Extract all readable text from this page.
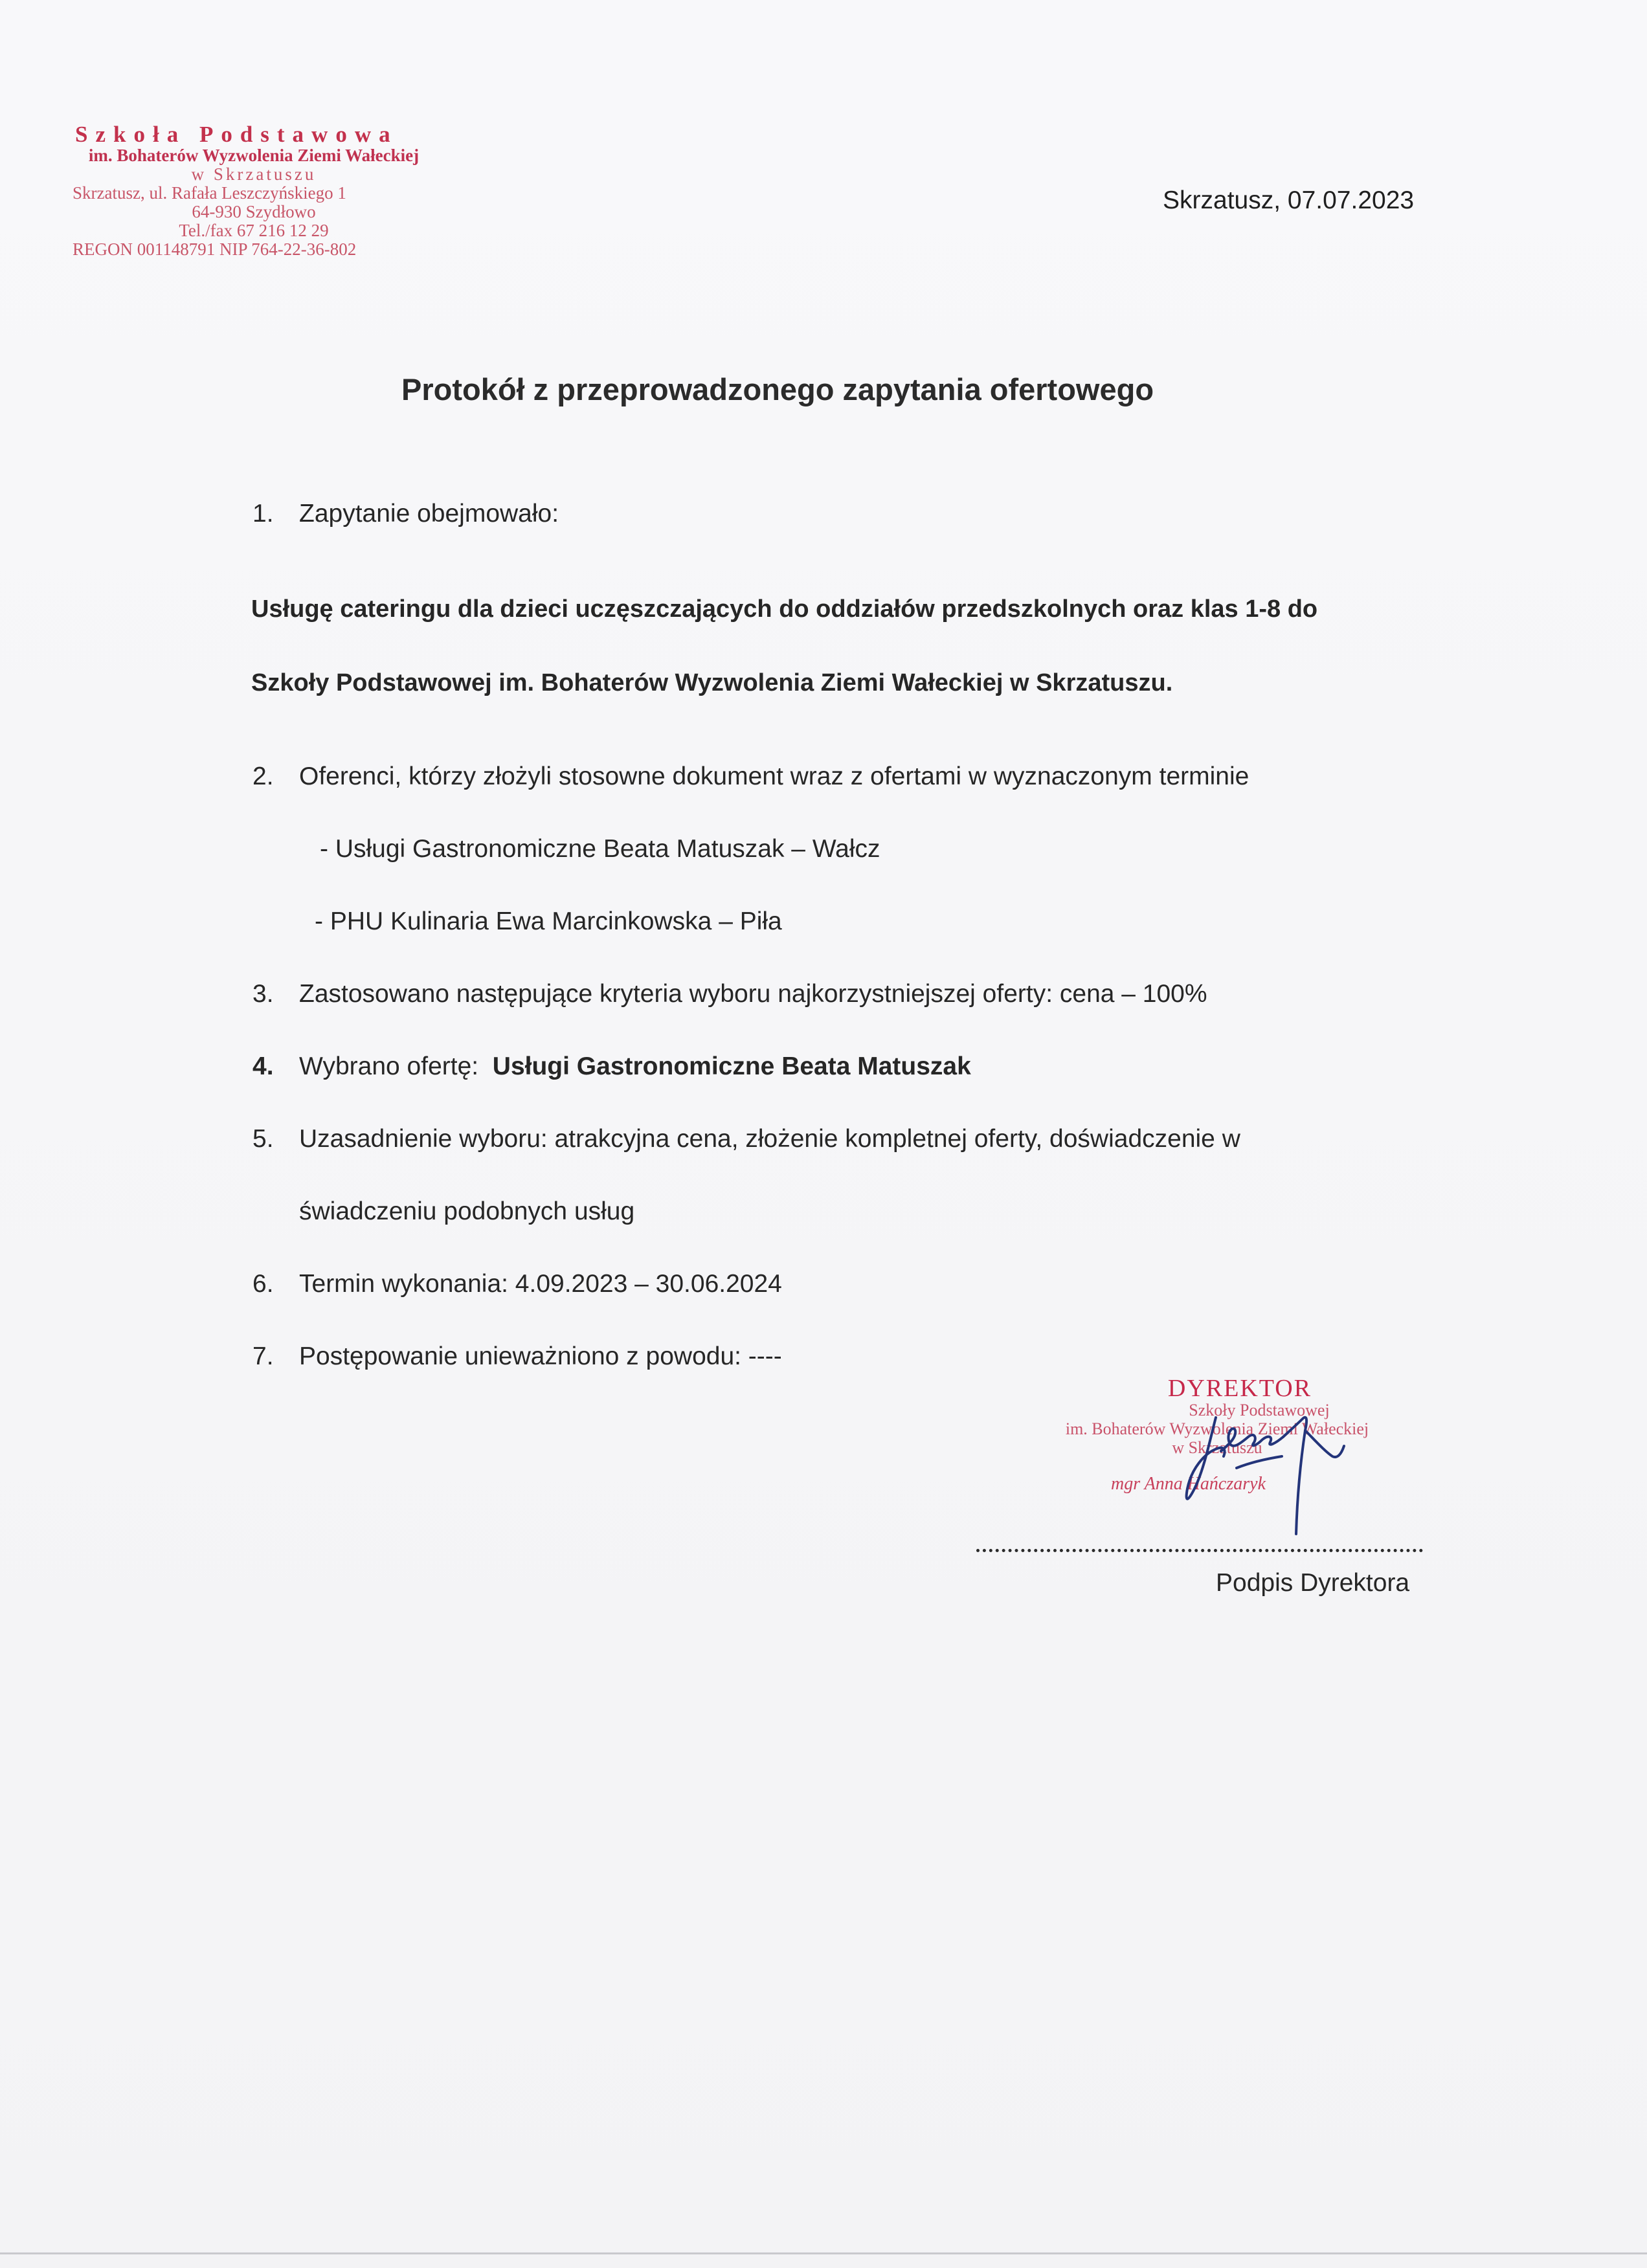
Szkoła Podstawowa
im. Bohaterów Wyzwolenia Ziemi Wałeckiej
w Skrzatuszu
Skrzatusz, ul. Rafała Leszczyńskiego 1
64-930 Szydłowo
Tel./fax 67 216 12 29
REGON 001148791 NIP 764-22-36-802
Skrzatusz, 07.07.2023
Protokół z przeprowadzonego zapytania ofertowego
1. Zapytanie obejmowało:
Usługę cateringu dla dzieci uczęszczających do oddziałów przedszkolnych oraz klas 1-8 do
Szkoły Podstawowej im. Bohaterów Wyzwolenia Ziemi Wałeckiej w Skrzatuszu.
2. Oferenci, którzy złożyli stosowne dokument wraz z ofertami w wyznaczonym terminie
- Usługi Gastronomiczne Beata Matuszak – Wałcz
- PHU Kulinaria Ewa Marcinkowska – Piła
3. Zastosowano następujące kryteria wyboru najkorzystniejszej oferty: cena – 100%
4. Wybrano ofertę: Usługi Gastronomiczne Beata Matuszak
5. Uzasadnienie wyboru: atrakcyjna cena, złożenie kompletnej oferty, doświadczenie w
świadczeniu podobnych usług
6. Termin wykonania: 4.09.2023 – 30.06.2024
7. Postępowanie unieważniono z powodu: ----
DYREKTOR
Szkoły Podstawowej
im. Bohaterów Wyzwolenia Ziemi Wałeckiej
w Skrzatuszu
mgr Anna Hańczaryk
Podpis Dyrektora
